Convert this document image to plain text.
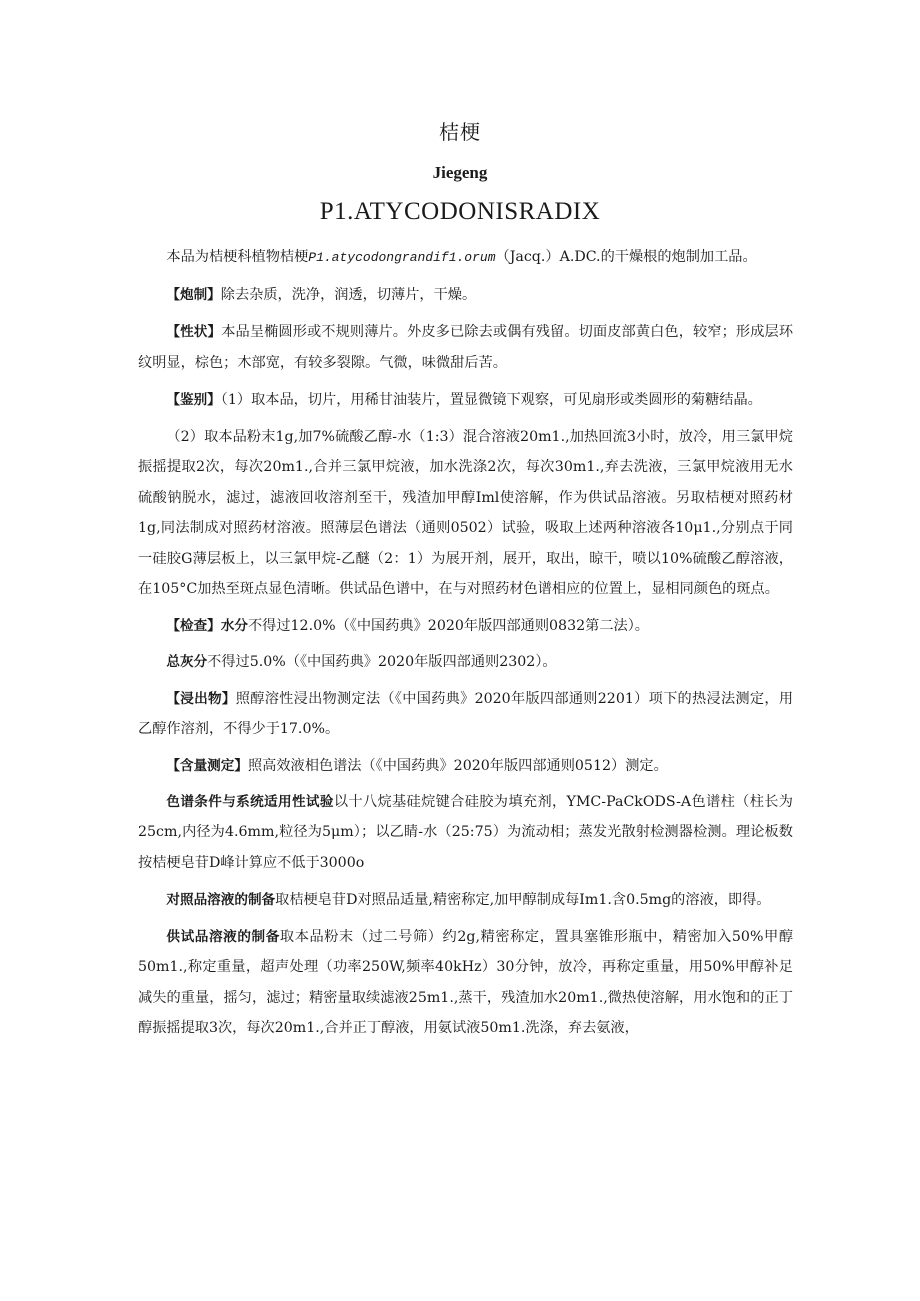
桔梗
Jiegeng
P1.ATYCODONISRADIX

本品为桔梗科植物桔梗P1.atycodongrandif1.orum（Jacq.）A.DC.的干燥根的炮制加工品。

【炮制】除去杂质，洗净，润透，切薄片，干燥。

【性状】本品呈椭圆形或不规则薄片。外皮多已除去或偶有残留。切面皮部黄白色，较窄；形成层环纹明显，棕色；木部宽，有较多裂隙。气微，味微甜后苦。

【鉴别】（1）取本品，切片，用稀甘油装片，置显微镜下观察，可见扇形或类圆形的菊糖结晶。

（2）取本品粉末1g,加7%硫酸乙醇-水（1:3）混合溶液20m1.,加热回流3小时，放冷，用三氯甲烷振摇提取2次，每次20m1.,合并三氯甲烷液，加水洗涤2次，每次30m1.,弃去洗液，三氯甲烷液用无水硫酸钠脱水，滤过，滤液回收溶剂至干，残渣加甲醇Iml使溶解，作为供试品溶液。另取桔梗对照药材1g,同法制成对照药材溶液。照薄层色谱法（通则0502）试验，吸取上述两种溶液各10μ1.,分别点于同一硅胶G薄层板上，以三氯甲烷-乙醚（2：1）为展开剂，展开，取出，晾干，喷以10%硫酸乙醇溶液，在105°C加热至斑点显色清晰。供试品色谱中，在与对照药材色谱相应的位置上，显相同颜色的斑点。

【检查】水分不得过12.0%（《中国药典》2020年版四部通则0832第二法）。

总灰分不得过5.0%（《中国药典》2020年版四部通则2302）。

【浸出物】照醇溶性浸出物测定法（《中国药典》2020年版四部通则2201）项下的热浸法测定，用乙醇作溶剂，不得少于17.0%。

【含量测定】照高效液相色谱法（《中国药典》2020年版四部通则0512）测定。

色谱条件与系统适用性试验以十八烷基硅烷键合硅胶为填充剂，YMC-PaCkODS-A色谱柱（柱长为25cm,内径为4.6mm,粒径为5μm）；以乙睛-水（25:75）为流动相；蒸发光散射检测器检测。理论板数按桔梗皂苷D峰计算应不低于3000o

对照品溶液的制备取桔梗皂苷D对照品适量,精密称定,加甲醇制成每Im1.含0.5mg的溶液，即得。

供试品溶液的制备取本品粉末（过二号筛）约2g,精密称定，置具塞锥形瓶中，精密加入50%甲醇50m1.,称定重量，超声处理（功率250W,频率40kHz）30分钟，放冷，再称定重量，用50%甲醇补足减失的重量，摇匀，滤过；精密量取续滤液25m1.,蒸干，残渣加水20m1.,微热使溶解，用水饱和的正丁醇振摇提取3次，每次20m1.,合并正丁醇液，用氨试液50m1.洗涤，弃去氨液，
